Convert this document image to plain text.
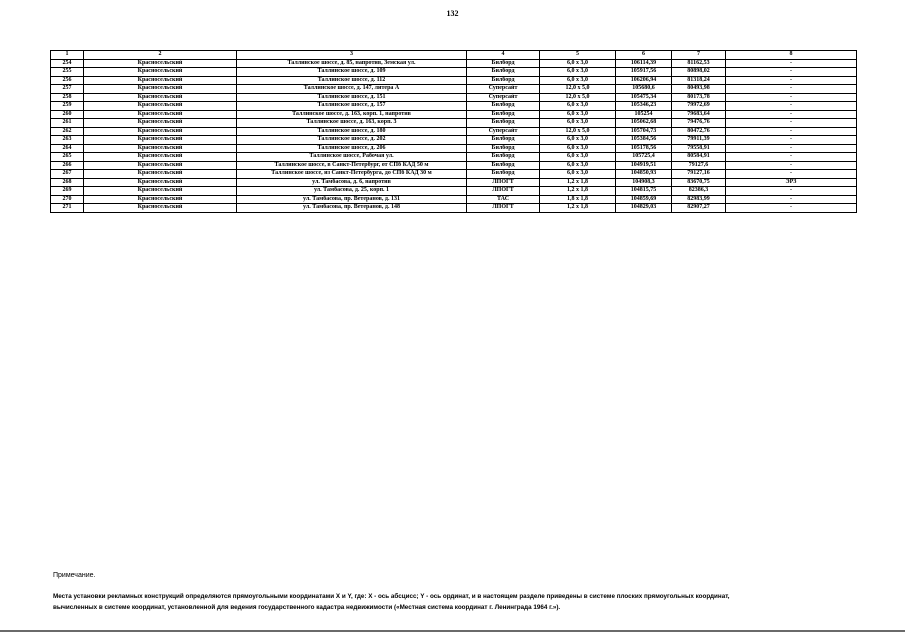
132
1	2	3	4	5	6	7	8
254	Красносельский	Таллинское шоссе, д. 85, напротив, Земская ул.	Билборд	6,0 x 3,0	106114,39	81162,53	-
255	Красносельский	Таллинское шоссе, д. 109	Билборд	6,0 x 3,0	105917,56	80898,02	-
256	Красносельский	Таллинское шоссе, д. 112	Билборд	6,0 x 3,0	106206,94	81318,24	-
257	Красносельский	Таллинское шоссе, д. 147, литера А	Суперсайт	12,0 x 5,0	105680,6	80493,98	-
258	Красносельский	Таллинское шоссе, д. 151	Суперсайт	12,0 x 5,0	105475,34	80173,78	-
259	Красносельский	Таллинское шоссе, д. 157	Билборд	6,0 x 3,0	105346,23	79972,69	-
260	Красносельский	Таллинское шоссе, д. 163, корп. 1, напротив	Билборд	6,0 x 3,0	105254	79683,64	-
261	Красносельский	Таллинское шоссе, д. 163, корп. 3	Билборд	6,0 x 3,0	105062,68	79476,76	-
262	Красносельский	Таллинское шоссе, д. 180	Суперсайт	12,0 x 5,0	105704,73	80472,76	-
263	Красносельский	Таллинское шоссе, д. 202	Билборд	6,0 x 3,0	105384,56	79911,39	-
264	Красносельский	Таллинское шоссе, д. 206	Билборд	6,0 x 3,0	105178,56	79558,91	-
265	Красносельский	Таллинское шоссе, Рабочая ул.	Билборд	6,0 x 3,0	105725,4	80584,91	-
266	Красносельский	Таллинское шоссе, в Санкт-Петербург, от СПб КАД 50 м	Билборд	6,0 x 3,0	104919,51	79127,6	-
267	Красносельский	Таллинское шоссе, из Санкт-Петербурга, до СПб КАД 30 м	Билборд	6,0 x 3,0	104850,93	79127,16	-
268	Красносельский	ул. Тамбасова, д. 6, напротив	ЛПОГТ	1,2 x 1,8	104908,3	83670,75	ЭРЗ
269	Красносельский	ул. Тамбасова, д. 25, корп. 1	ЛПОГТ	1,2 x 1,8	104815,75	82386,3	-
270	Красносельский	ул. Тамбасова, пр. Ветеранов, д. 131	ТАС	1,8 x 1,8	104859,69	82983,99	-
271	Красносельский	ул. Тамбасова, пр. Ветеранов, д. 148	ЛПОГТ	1,2 x 1,8	104829,03	82907,27	-
Примечание.
Места установки рекламных конструкций определяются прямоугольными координатами X и Y, где: X - ось абсцисс; Y - ось ординат, и в настоящем разделе приведены в системе плоских прямоугольных координат,
вычисленных в системе координат, установленной для ведения государственного кадастра недвижимости («Местная система координат г. Ленинграда 1964 г.»).
